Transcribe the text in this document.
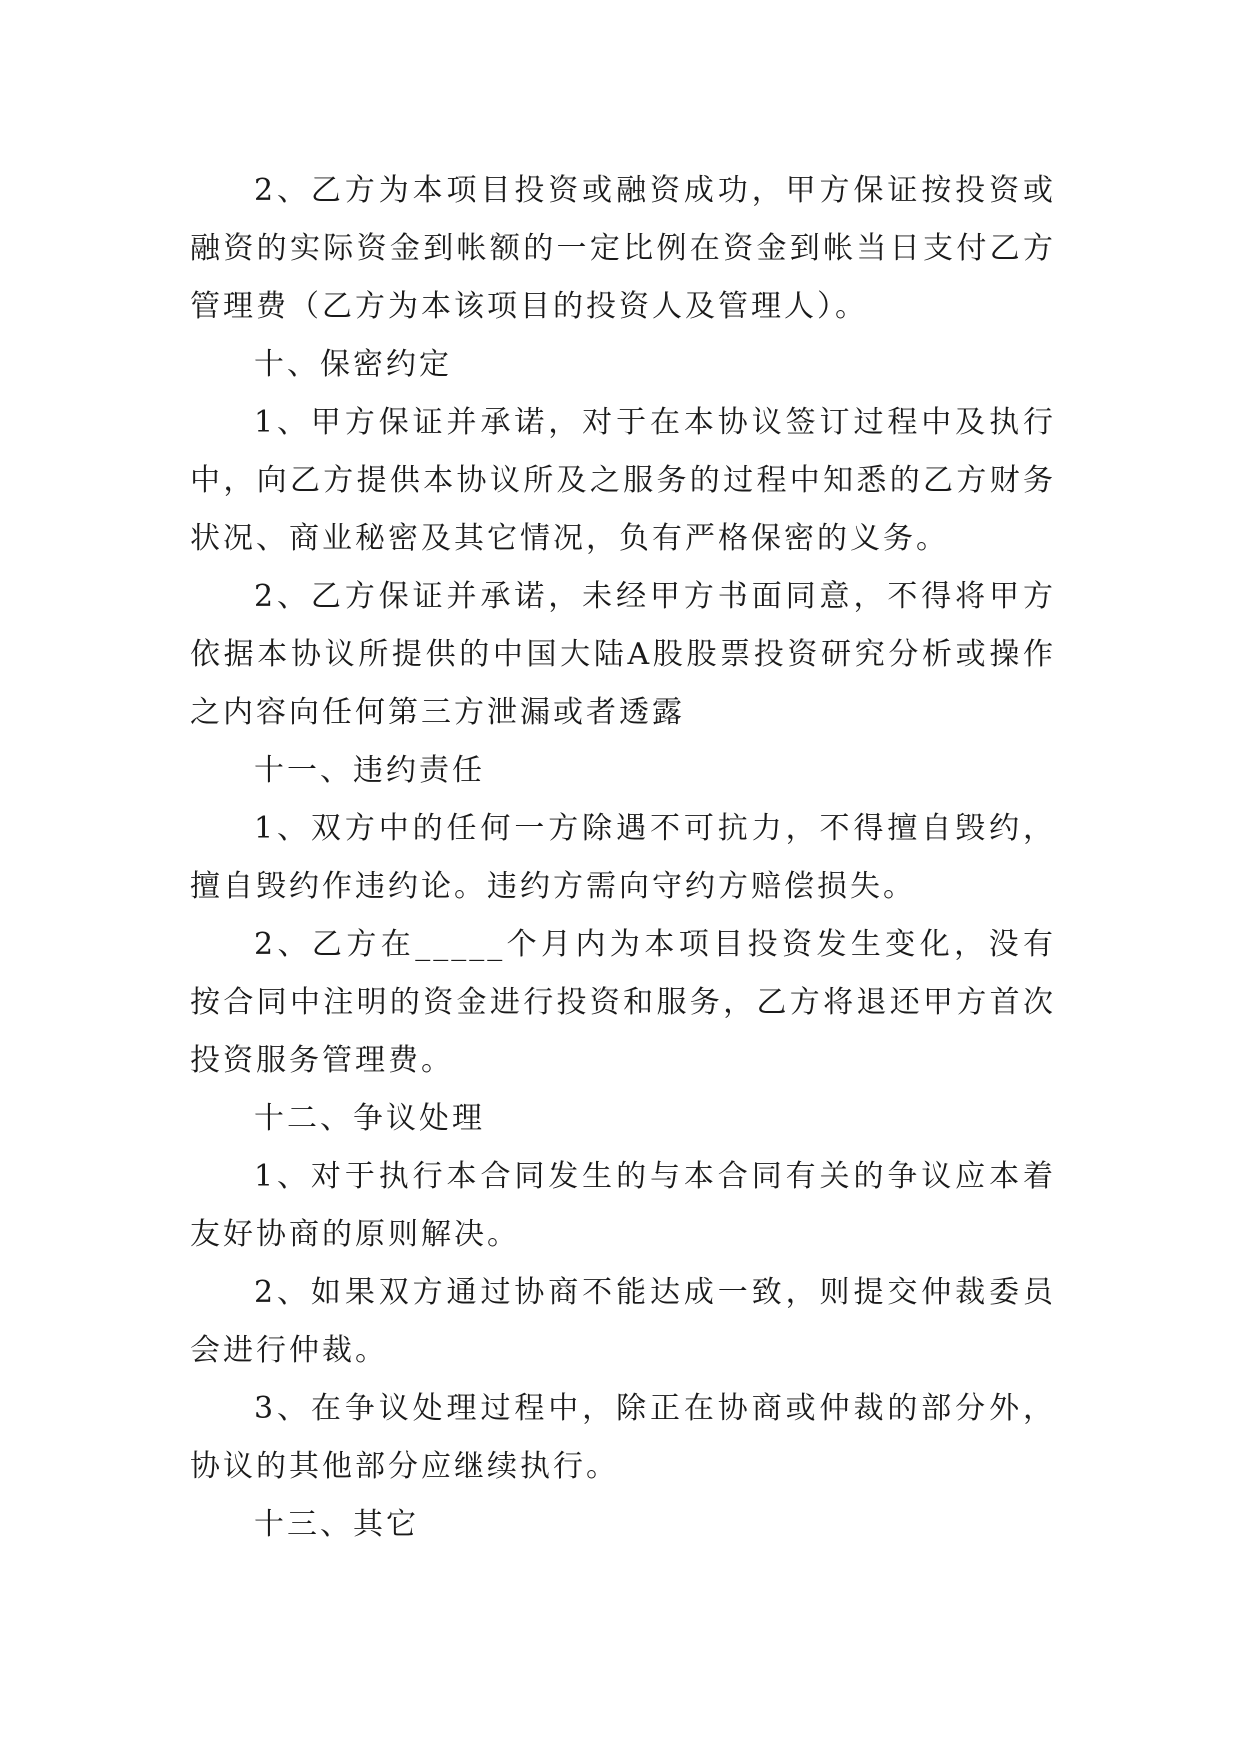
2、乙方为本项目投资或融资成功，甲方保证按投资或融资的实际资金到帐额的一定比例在资金到帐当日支付乙方管理费（乙方为本该项目的投资人及管理人）。

十、保密约定

1、甲方保证并承诺，对于在本协议签订过程中及执行中，向乙方提供本协议所及之服务的过程中知悉的乙方财务状况、商业秘密及其它情况，负有严格保密的义务。

2、乙方保证并承诺，未经甲方书面同意，不得将甲方依据本协议所提供的中国大陆A股股票投资研究分析或操作之内容向任何第三方泄漏或者透露

十一、违约责任

1、双方中的任何一方除遇不可抗力，不得擅自毁约，擅自毁约作违约论。违约方需向守约方赔偿损失。

2、乙方在_____个月内为本项目投资发生变化，没有按合同中注明的资金进行投资和服务，乙方将退还甲方首次投资服务管理费。

十二、争议处理

1、对于执行本合同发生的与本合同有关的争议应本着友好协商的原则解决。

2、如果双方通过协商不能达成一致，则提交仲裁委员会进行仲裁。

3、在争议处理过程中，除正在协商或仲裁的部分外，协议的其他部分应继续执行。

十三、其它
